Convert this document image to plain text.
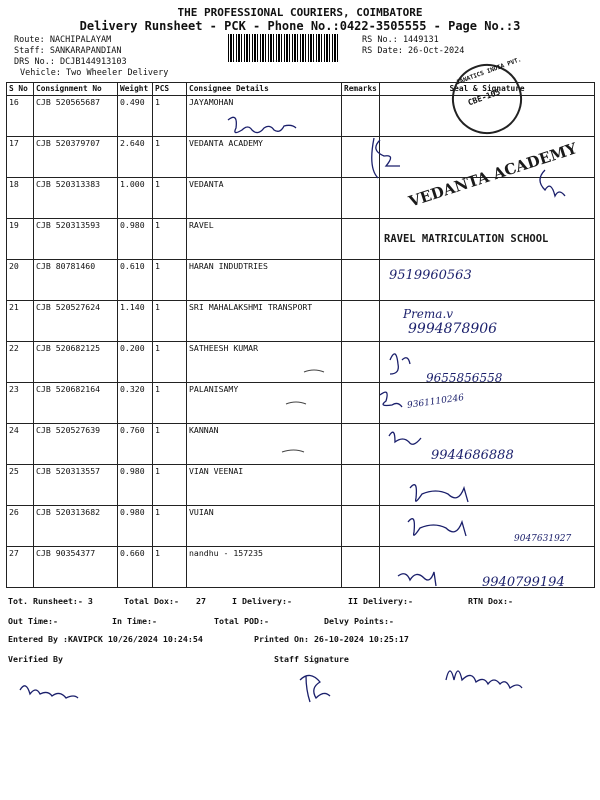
THE PROFESSIONAL COURIERS, COIMBATORE
Delivery Runsheet - PCK - Phone No.:0422-3505555 - Page No.:3
Route: NACHIPALAYAM
Staff: SANKARAPANDIAN
DRS No.: DCJB144913103
Vehicle: Two Wheeler Delivery
RS No.: 1449131
RS Date: 26-Oct-2024
S No	Consignment No	Weight	PCS	Consignee Details	Remarks	Seal & Signature
16	CJB 520565687	0.490	1	JAYAMOHAN		
17	CJB 520379707	2.640	1	VEDANTA ACADEMY		
18	CJB 520313383	1.000	1	VEDANTA		
19	CJB 520313593	0.980	1	RAVEL		
20	CJB 80781460	0.610	1	HARAN INDUDTRIES		
21	CJB 520527624	1.140	1	SRI MAHALAKSHMI TRANSPORT		
22	CJB 520682125	0.200	1	SATHEESH KUMAR		
23	CJB 520682164	0.320	1	PALANISAMY		
24	CJB 520527639	0.760	1	KANNAN		
25	CJB 520313557	0.980	1	VIAN VEENAI		
26	CJB 520313682	0.980	1	VUIAN		
27	CJB 90354377	0.660	1	nandhu - 157235		
JANATICS INDIA PVT.
CBE-105
VEDANTA ACADEMY
RAVEL MATRICULATION SCHOOL
9519960563
Prema.v
9994878906
9655856558
9361110246
9944686888
9047631927
9940799194
Tot. Runsheet:- 3	Total Dox:- 27	I Delivery:-	II Delivery:-	RTN Dox:-
Out Time:-	In Time:-	Total POD:-	Delvy Points:-
Entered By :KAVIPCK 10/26/2024 10:24:54	Printed On: 26-10-2024 10:25:17
Verified By	Staff Signature
